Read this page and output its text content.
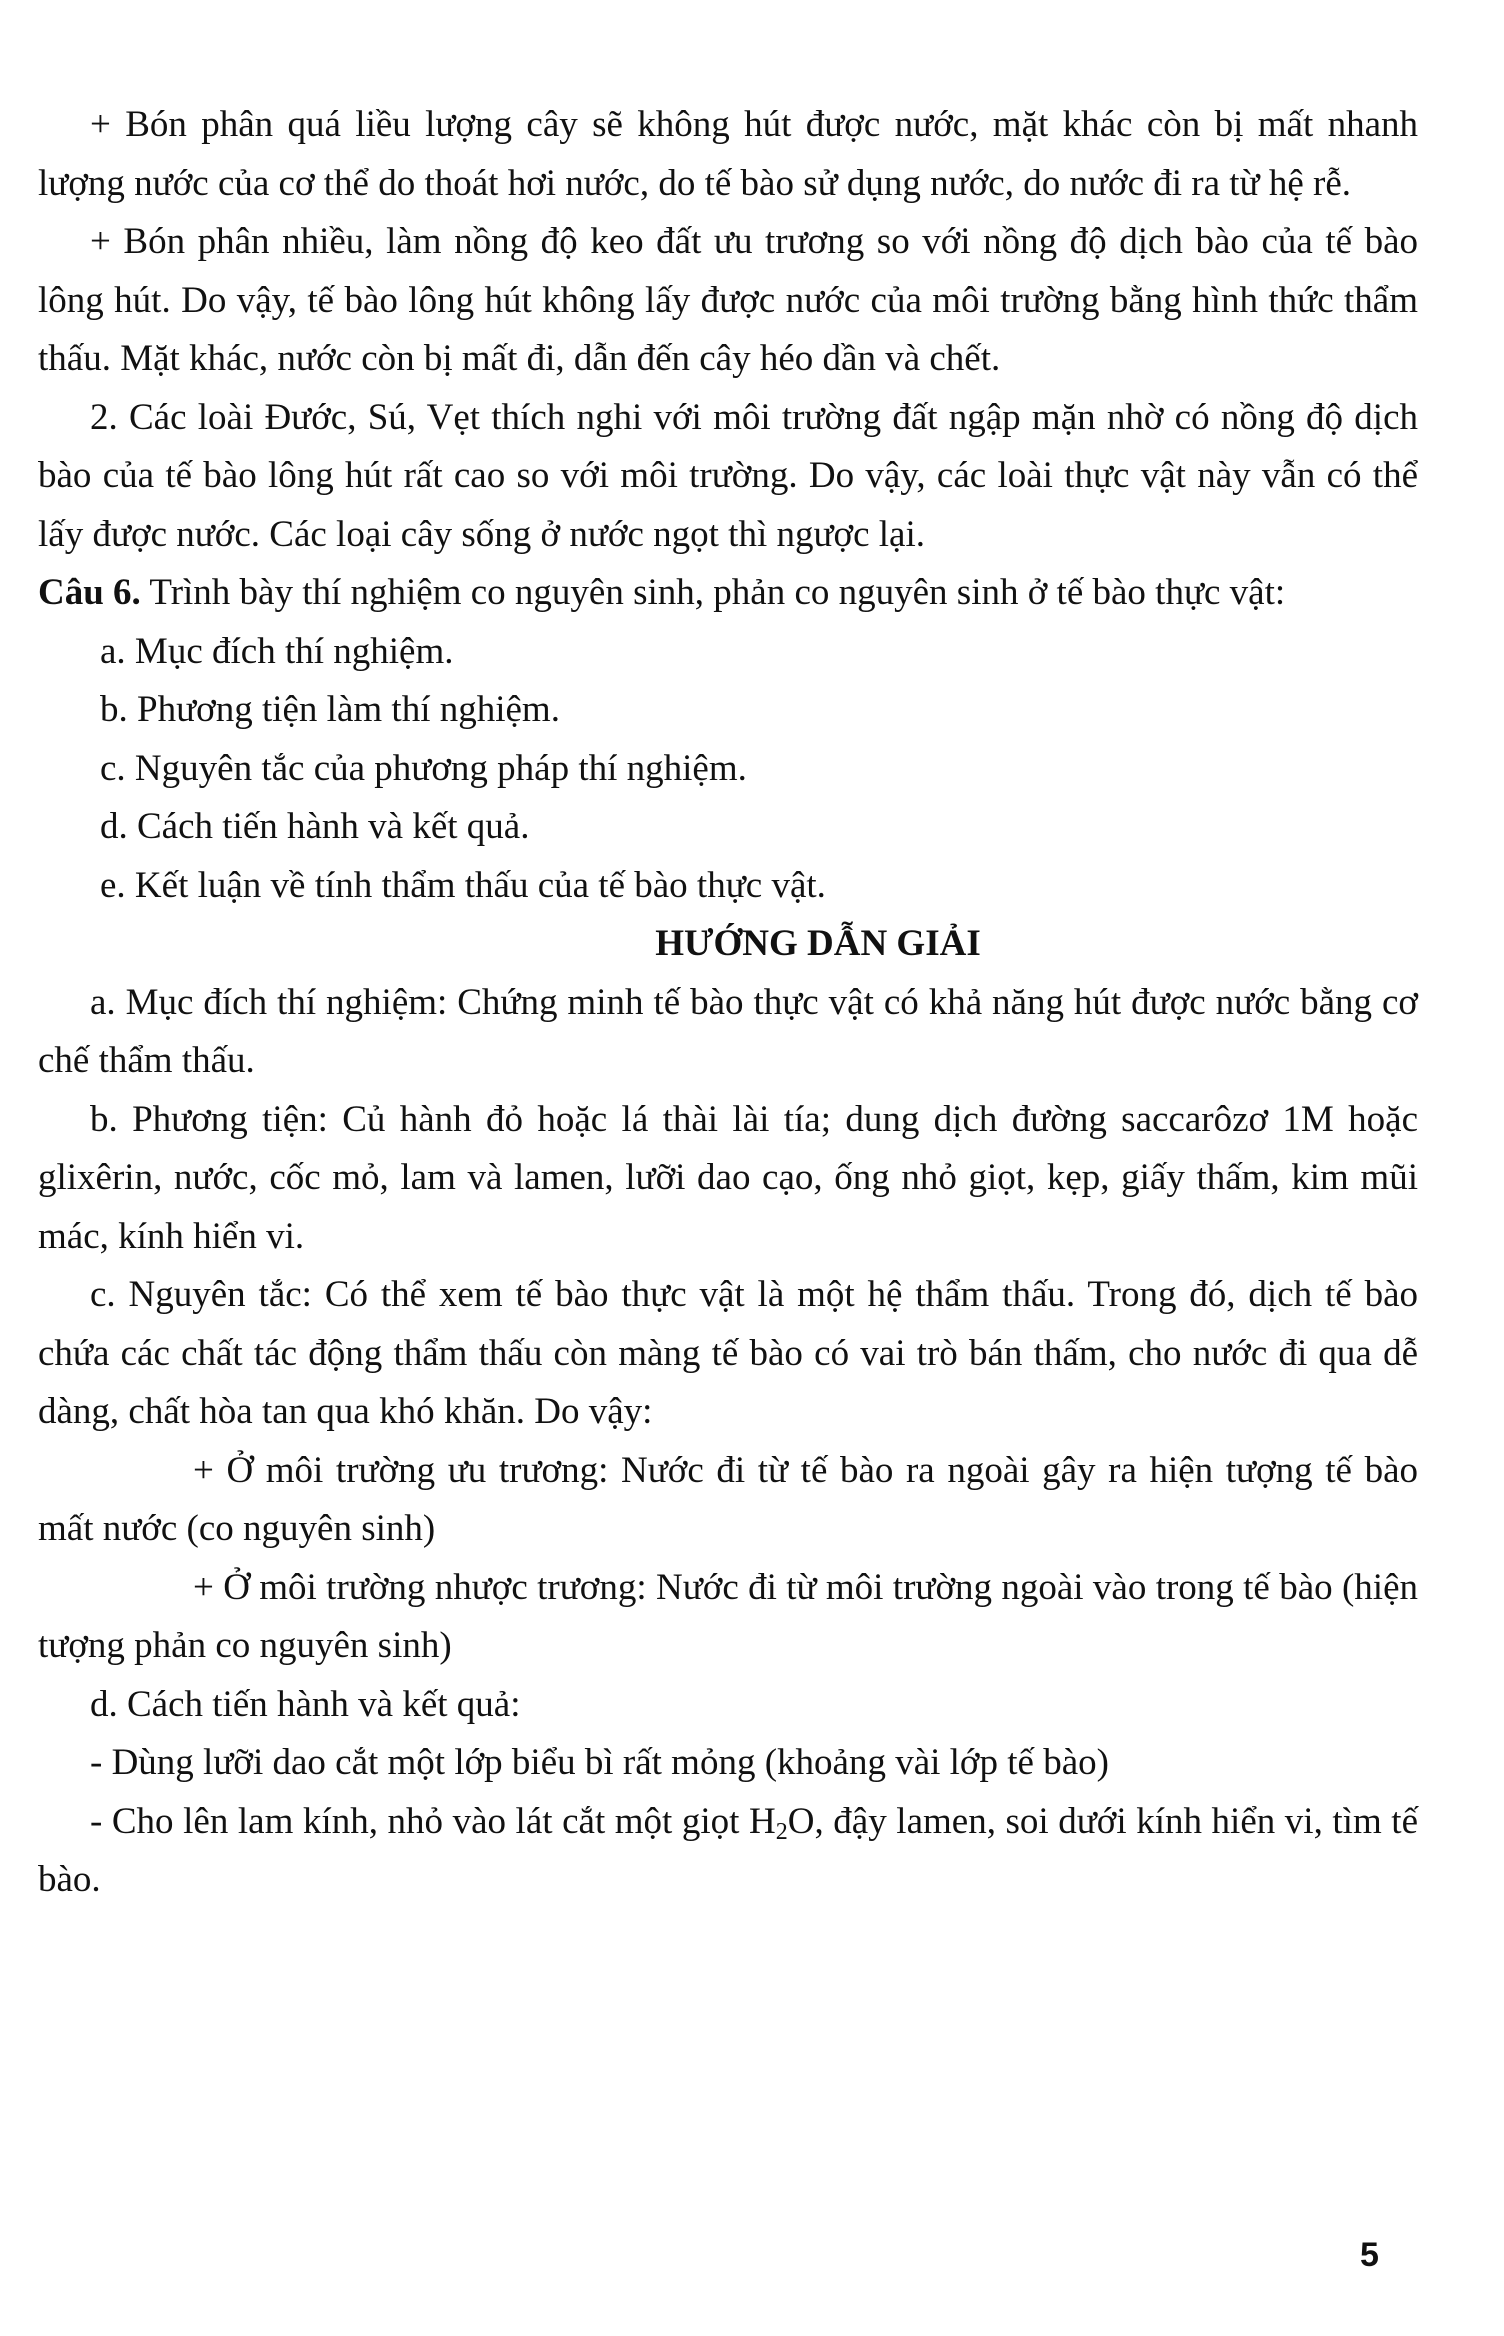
+ Bón phân quá liều lượng cây sẽ không hút được nước, mặt khác còn bị mất nhanh lượng nước của cơ thể do thoát hơi nước, do tế bào sử dụng nước, do nước đi ra từ hệ rễ.

+ Bón phân nhiều, làm nồng độ keo đất ưu trương so với nồng độ dịch bào của tế bào lông hút. Do vậy, tế bào lông hút không lấy được nước của môi trường bằng hình thức thẩm thấu. Mặt khác, nước còn bị mất đi, dẫn đến cây héo dần và chết.

2. Các loài Đước, Sú, Vẹt thích nghi với môi trường đất ngập mặn nhờ có nồng độ dịch bào của tế bào lông hút rất cao so với môi trường. Do vậy, các loài thực vật này vẫn có thể lấy được nước. Các loại cây sống ở nước ngọt thì ngược lại.

Câu 6. Trình bày thí nghiệm co nguyên sinh, phản co nguyên sinh ở tế bào thực vật:

a. Mục đích thí nghiệm.

b. Phương tiện làm thí nghiệm.

c. Nguyên tắc của phương pháp thí nghiệm.

d. Cách tiến hành và kết quả.

e. Kết luận về tính thẩm thấu của tế bào thực vật.

HƯỚNG DẪN GIẢI

a. Mục đích thí nghiệm: Chứng minh tế bào thực vật có khả năng hút được nước bằng cơ chế thẩm thấu.

b. Phương tiện: Củ hành đỏ hoặc lá thài lài tía; dung dịch đường saccarôzơ 1M hoặc glixêrin, nước, cốc mỏ, lam và lamen, lưỡi dao cạo, ống nhỏ giọt, kẹp, giấy thấm, kim mũi mác, kính hiển vi.

c. Nguyên tắc: Có thể xem tế bào thực vật là một hệ thẩm thấu. Trong đó, dịch tế bào chứa các chất tác động thẩm thấu còn màng tế bào có vai trò bán thấm, cho nước đi qua dễ dàng, chất hòa tan qua khó khăn. Do vậy:

+ Ở môi trường ưu trương: Nước đi từ tế bào ra ngoài gây ra hiện tượng tế bào mất nước (co nguyên sinh)

+ Ở môi trường nhược trương: Nước đi từ môi trường ngoài vào trong tế bào (hiện tượng phản co nguyên sinh)

d. Cách tiến hành và kết quả:

- Dùng lưỡi dao cắt một lớp biểu bì rất mỏng (khoảng vài lớp tế bào)

- Cho lên lam kính, nhỏ vào lát cắt một giọt $H_2O$, đậy lamen, soi dưới kính hiển vi, tìm tế bào.

5
